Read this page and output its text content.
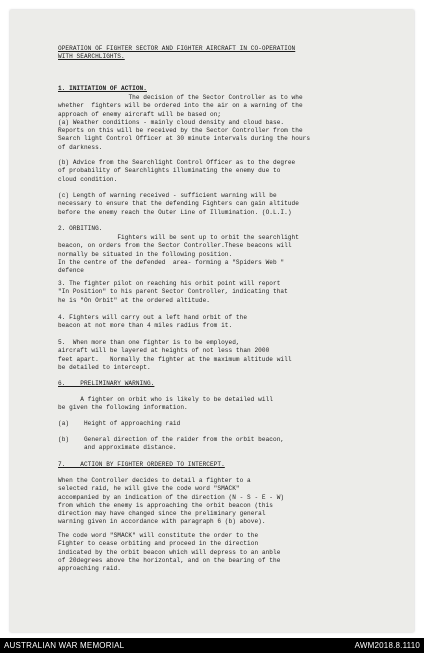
OPERATION OF FIGHTER SECTOR AND FIGHTER AIRCRAFT IN CO-OPERATION
WITH SEARCHLIGHTS.
1. INITIATION OF ACTION.
The decision of the Sector Controller as to whe
whether  fighters will be ordered into the air on a warning of the
approach of enemy aircraft will be based on;
(a) Weather conditions - mainly cloud density and cloud base.
Reports on this will be received by the Sector Controller from the
Search light Control Officer at 30 minute intervals during the hours
of darkness.
(b) Advice from the Searchlight Control Officer as to the degree
of probability of Searchlights illuminating the enemy due to
cloud condition.
(c) Length of warning received - sufficient warning will be
necessary to ensure that the defending Fighters can gain altitude
before the enemy reach the Outer Line of Illumination. (O.L.I.)
2. ORBITING.
Fighters will be sent up to orbit the searchlight
beacon, on orders from the Sector Controller.These beacons will
normally be situated in the following position.
In the centre of the defended  area- forming a "Spiders Web "
defence
3. The fighter pilot on reaching his orbit point will report
"In Position" to his parent Sector Controller, indicating that
he is "On Orbit" at the ordered altitude.
4. Fighters will carry out a left hand orbit of the
beacon at not more than 4 miles radius from it.
5.  When more than one fighter is to be employed,
aircraft will be layered at heights of not less than 2000
feet apart.   Normally the fighter at the maximum altitude will
be detailed to intercept.
6.    PRELIMINARY WARNING.
A fighter on orbit who is likely to be detailed will
be given the following information.
(a)    Height of approaching raid
(b)    General direction of the raider from the orbit beacon,
and approximate distance.
7.    ACTION BY FIGHTER ORDERED TO INTERCEPT.
When the Controller decides to detail a fighter to a
selected raid, he will give the code word "SMACK"
accompanied by an indication of the direction (N - S - E - W)
from which the enemy is approaching the orbit beacon (this
direction may have changed since the preliminary general
warning given in accordance with paragraph 6 (b) above).
The code word "SMACK" will constitute the order to the
Fighter to cease orbiting and proceed in the direction
indicated by the orbit beacon which will depress to an anble
of 20degrees above the horizontal, and on the bearing of the
approaching raid.
AUSTRALIAN WAR MEMORIAL	AWM2018.8.1110
